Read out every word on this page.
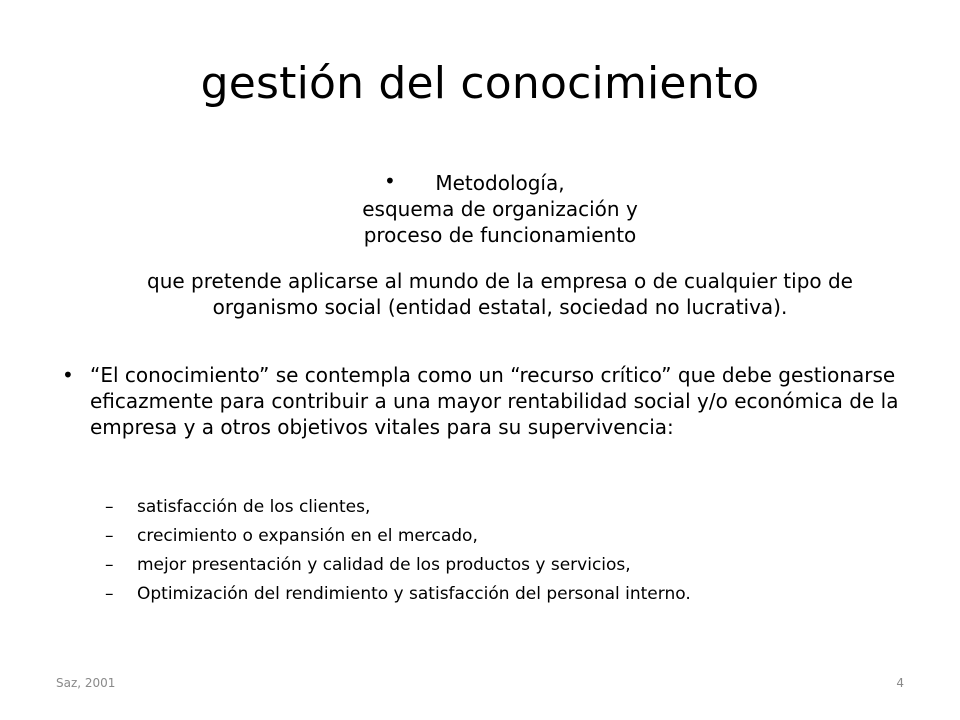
gestión del conocimiento
•	Metodología,
esquema de organización y
proceso de funcionamiento
que pretende aplicarse al mundo de la empresa o de cualquier tipo de organismo social (entidad estatal, sociedad no lucrativa).
• “El conocimiento” se contempla como un “recurso crítico” que debe gestionarse eficazmente para contribuir a una mayor rentabilidad social y/o económica de la empresa y a otros objetivos vitales para su supervivencia:
– satisfacción de los clientes,
– crecimiento o expansión en el mercado,
– mejor presentación y calidad de los productos y servicios,
– Optimización del rendimiento y satisfacción del personal interno.
Saz, 2001	4
